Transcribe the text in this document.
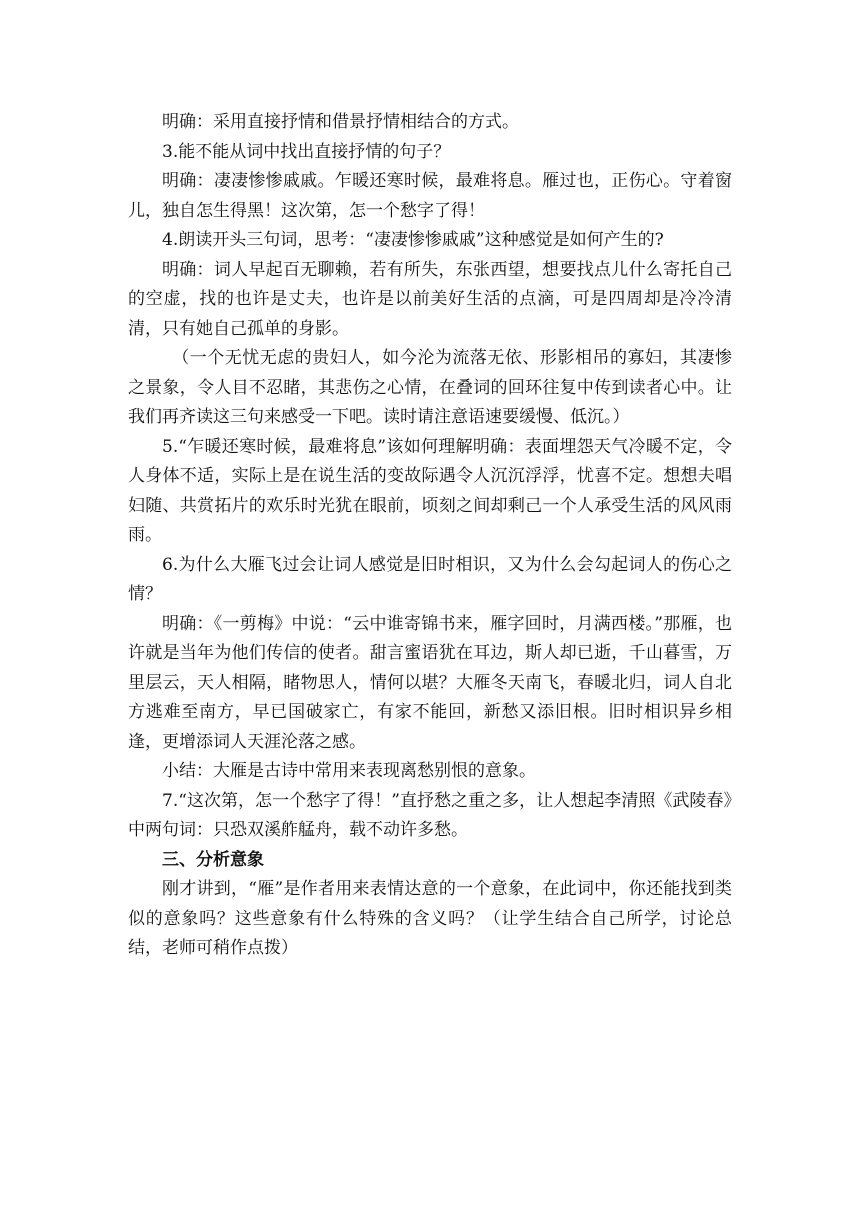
明确：采用直接抒情和借景抒情相结合的方式。

3.能不能从词中找出直接抒情的句子？

明确：凄凄惨惨戚戚。乍暖还寒时候，最难将息。雁过也，正伤心。守着窗儿，独自怎生得黑！这次第，怎一个愁字了得！

4.朗读开头三句词，思考：“凄凄惨惨戚戚”这种感觉是如何产生的?

明确：词人早起百无聊赖，若有所失，东张西望，想要找点儿什么寄托自己的空虚，找的也许是丈夫，也许是以前美好生活的点滴，可是四周却是冷冷清清，只有她自己孤单的身影。

（一个无忧无虑的贵妇人，如今沦为流落无依、形影相吊的寡妇，其凄惨之景象，令人目不忍睹，其悲伤之心情，在叠词的回环往复中传到读者心中。让我们再齐读这三句来感受一下吧。读时请注意语速要缓慢、低沉。）

5.“乍暖还寒时候，最难将息”该如何理解明确：表面埋怨天气冷暖不定，令人身体不适，实际上是在说生活的变故际遇令人沉沉浮浮，忧喜不定。想想夫唱妇随、共赏拓片的欢乐时光犹在眼前，顷刻之间却剩己一个人承受生活的风风雨雨。

6.为什么大雁飞过会让词人感觉是旧时相识，又为什么会勾起词人的伤心之情？

明确：《一剪梅》中说：“云中谁寄锦书来，雁字回时，月满西楼。”那雁，也许就是当年为他们传信的使者。甜言蜜语犹在耳边，斯人却已逝，千山暮雪，万里层云，天人相隔，睹物思人，情何以堪？大雁冬天南飞，春暖北归，词人自北方逃难至南方，早已国破家亡，有家不能回，新愁又添旧根。旧时相识异乡相逢，更增添词人天涯沦落之感。

小结：大雁是古诗中常用来表现离愁别恨的意象。

7.“这次第，怎一个愁字了得！”直抒愁之重之多，让人想起李清照《武陵春》中两句词：只恐双溪舴艋舟，载不动许多愁。

三、分析意象

刚才讲到，“雁”是作者用来表情达意的一个意象，在此词中，你还能找到类似的意象吗？这些意象有什么特殊的含义吗？（让学生结合自己所学，讨论总结，老师可稍作点拨）
